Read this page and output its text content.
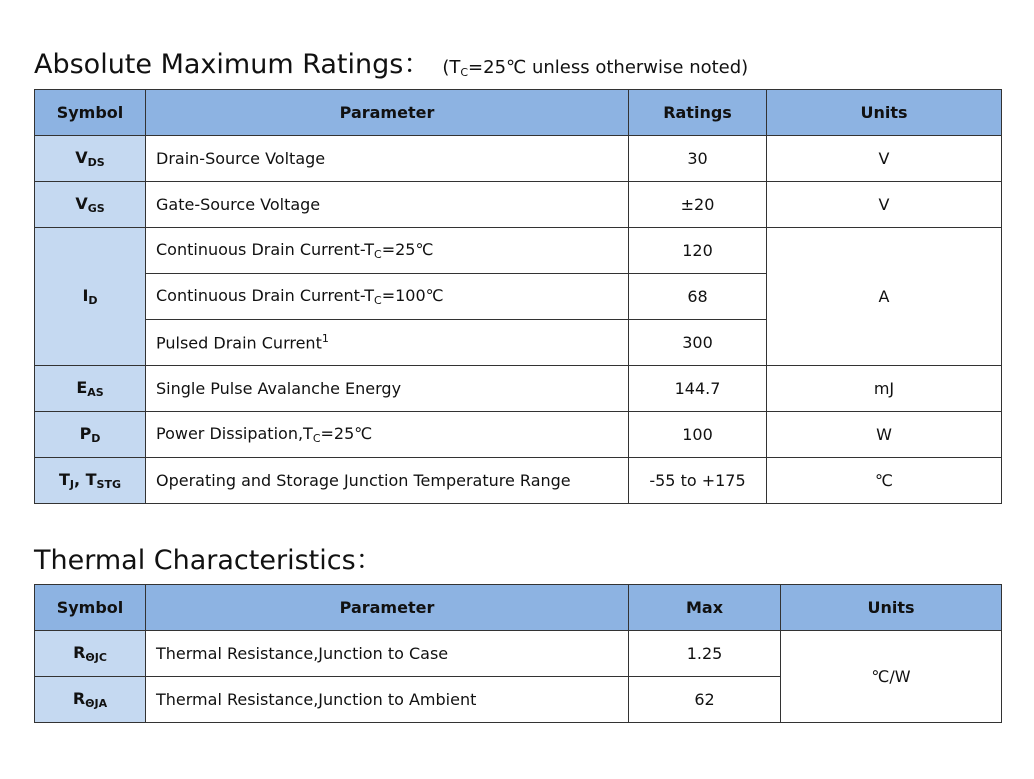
Absolute Maximum Ratings： ($T_C=25℃$ unless otherwise noted)
Symbol	Parameter	Ratings	Units
$V_{DS}$	Drain-Source Voltage	30	V
$V_{GS}$	Gate-Source Voltage	±20	V
$I_D$	Continuous Drain Current-$T_C=25℃$	120	A
	Continuous Drain Current-$T_C=100℃$	68	
	Pulsed Drain Current$^1$	300	
$E_{AS}$	Single Pulse Avalanche Energy	144.7	mJ
$P_D$	Power $Dissipation,T_C=25℃$	100	W
$T_J$, $T_{STG}$	Operating and Storage Junction Temperature Range	-55 to +175	℃
Thermal Characteristics：
Symbol	Parameter	Max	Units
$R_{\Theta JC}$	Thermal Resistance,Junction to Case	1.25	℃/W
$R_{\Theta JA}$	Thermal Resistance,Junction to Ambient	62	
